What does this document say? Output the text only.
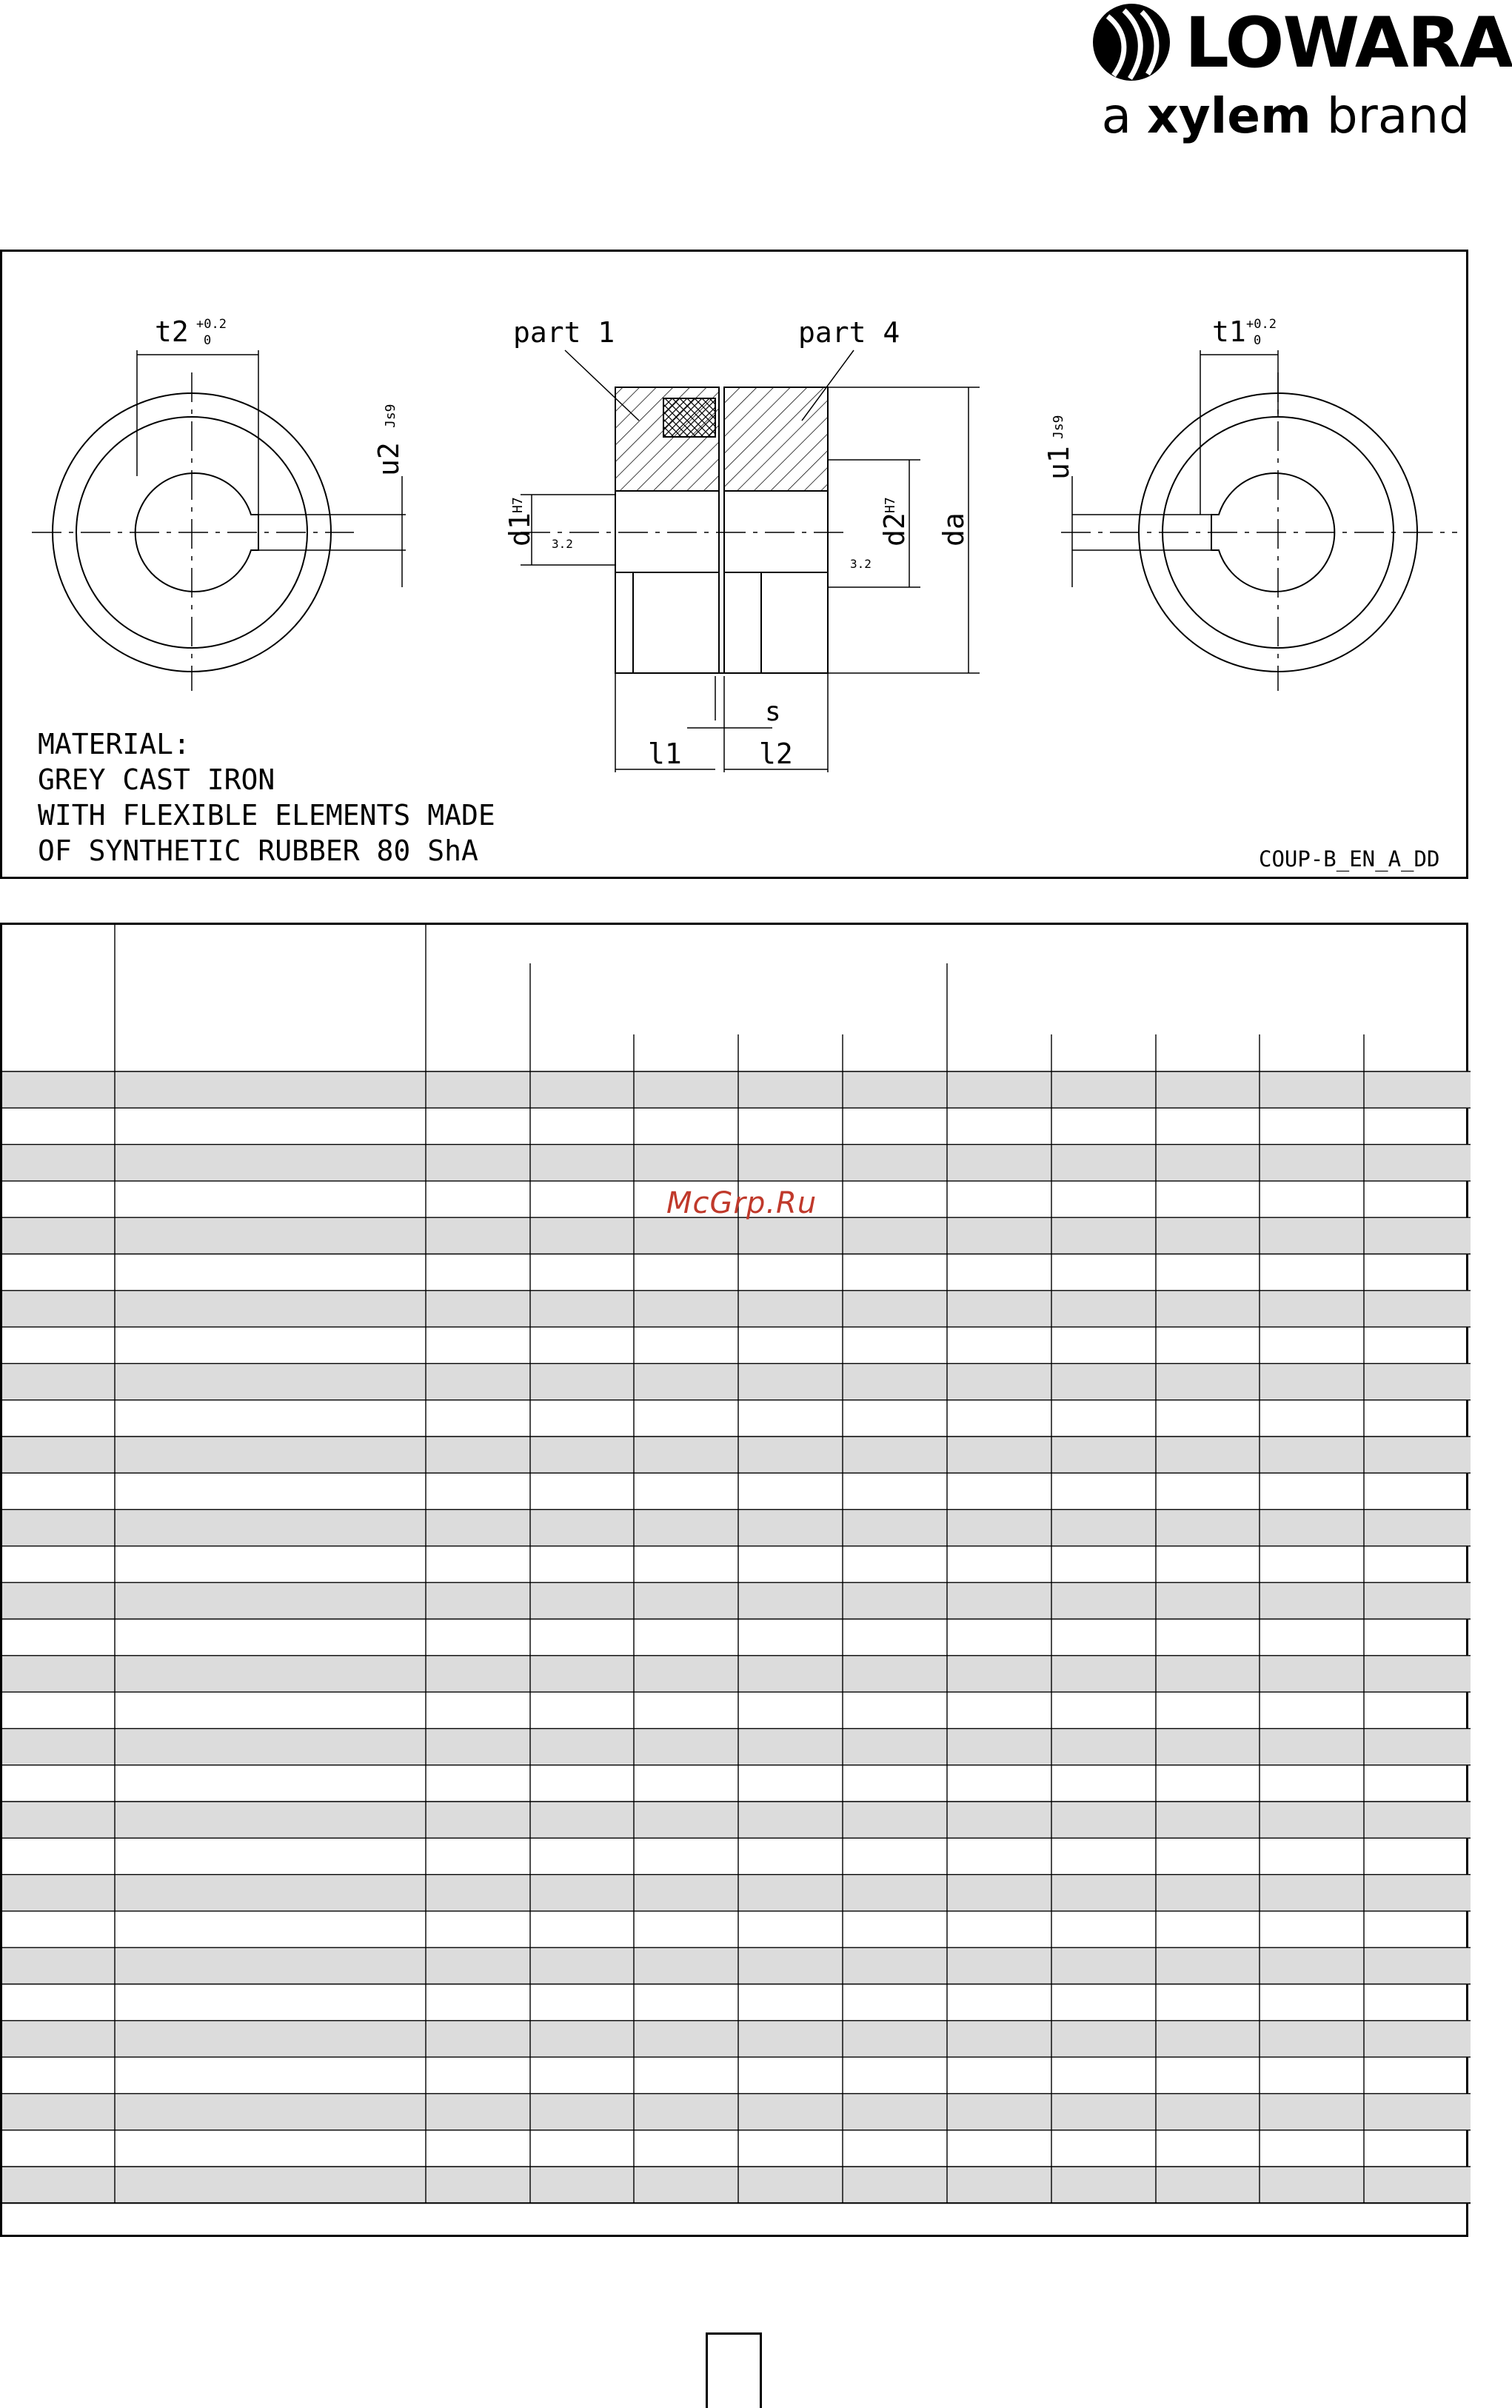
LOWARA
a xylem brand
t2 +0.2
0
u2
Js9
part 1	part 4
d1
H7
d2
H7
da
3.2
3.2
s
l1	l2
t1 +0.2
0
u1
Js9
MATERIAL:
GREY CAST IRON
WITH FLEXIBLE ELEMENTS MADE
OF SYNTHETIC RUBBER 80 ShA	COUP-B_EN_A_DD
McGrp.Ru
